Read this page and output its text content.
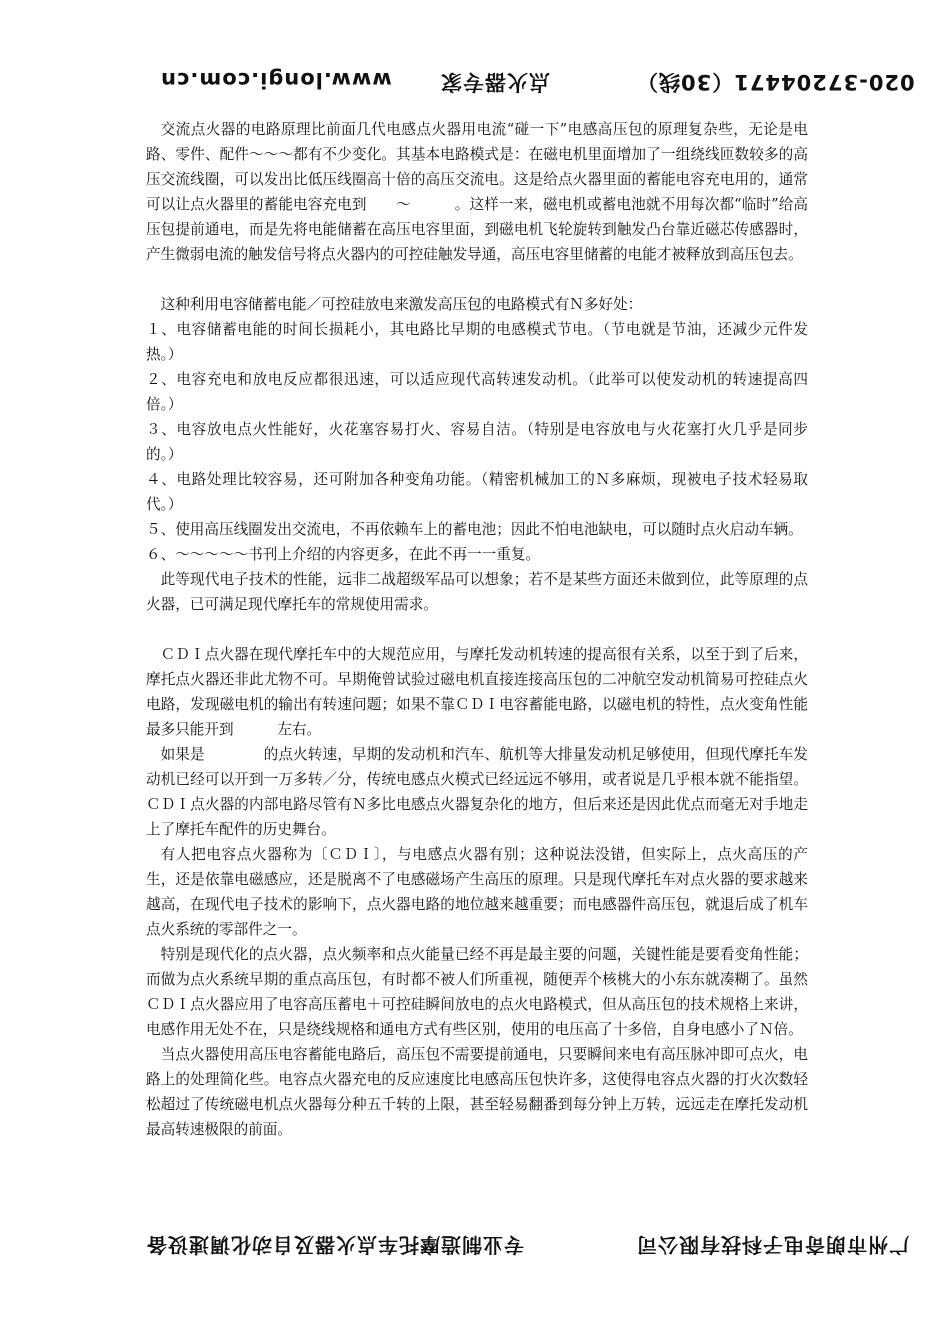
www.longi.com.cn 点火器专家	020-37204471（30线）

交流点火器的电路原理比前面几代电感点火器用电流“碰一下”电感高压包的原理复杂些，无论是电路、零件、配件～～～都有不少变化。其基本电路模式是：在磁电机里面增加了一组绕线匝数较多的高压交流线圈，可以发出比低压线圈高十倍的高压交流电。这是给点火器里面的蓄能电容充电用的，通常可以让点火器里的蓄能电容充电到　　～　　　。这样一来，磁电机或蓄电池就不用每次都“临时”给高压包提前通电，而是先将电能储蓄在高压电容里面，到磁电机飞轮旋转到触发凸台靠近磁芯传感器时，产生微弱电流的触发信号将点火器内的可控硅触发导通，高压电容里储蓄的电能才被释放到高压包去。

这种利用电容储蓄电能／可控硅放电来激发高压包的电路模式有Ｎ多好处：

１、电容储蓄电能的时间长损耗小，其电路比早期的电感模式节电。（节电就是节油，还减少元件发热。）

２、电容充电和放电反应都很迅速，可以适应现代高转速发动机。（此举可以使发动机的转速提高四倍。）

３、电容放电点火性能好，火花塞容易打火、容易自洁。（特别是电容放电与火花塞打火几乎是同步的。）

４、电路处理比较容易，还可附加各种变角功能。（精密机械加工的Ｎ多麻烦，现被电子技术轻易取代。）

５、使用高压线圈发出交流电，不再依赖车上的蓄电池；因此不怕电池缺电，可以随时点火启动车辆。

６、～～～～～书刊上介绍的内容更多，在此不再一一重复。

此等现代电子技术的性能，远非二战超级军品可以想象；若不是某些方面还未做到位，此等原理的点火器，已可满足现代摩托车的常规使用需求。

ＣＤＩ点火器在现代摩托车中的大规范应用，与摩托发动机转速的提高很有关系，以至于到了后来，摩托点火器还非此尤物不可。早期俺曾试验过磁电机直接连接高压包的二冲航空发动机简易可控硅点火电路，发现磁电机的输出有转速问题；如果不靠ＣＤＩ电容蓄能电路，以磁电机的特性，点火变角性能最多只能开到　　　左右。

如果是　　　　的点火转速，早期的发动机和汽车、航机等大排量发动机足够使用，但现代摩托车发动机已经可以开到一万多转／分，传统电感点火模式已经远远不够用，或者说是几乎根本就不能指望。ＣＤＩ点火器的内部电路尽管有Ｎ多比电感点火器复杂化的地方，但后来还是因此优点而毫无对手地走上了摩托车配件的历史舞台。

有人把电容点火器称为〔ＣＤＩ〕，与电感点火器有别；这种说法没错，但实际上，点火高压的产生，还是依靠电磁感应，还是脱离不了电感磁场产生高压的原理。只是现代摩托车对点火器的要求越来越高，在现代电子技术的影响下，点火器电路的地位越来越重要；而电感器件高压包，就退后成了机车点火系统的零部件之一。

特别是现代化的点火器，点火频率和点火能量已经不再是最主要的问题，关键性能是要看变角性能；而做为点火系统早期的重点高压包，有时都不被人们所重视，随便弄个核桃大的小东东就凑糊了。虽然ＣＤＩ点火器应用了电容高压蓄电＋可控硅瞬间放电的点火电路模式，但从高压包的技术规格上来讲，电感作用无处不在，只是绕线规格和通电方式有些区别，使用的电压高了十多倍，自身电感小了Ｎ倍。

当点火器使用高压电容蓄能电路后，高压包不需要提前通电，只要瞬间来电有高压脉冲即可点火，电路上的处理简化些。电容点火器充电的反应速度比电感高压包快许多，这使得电容点火器的打火次数轻松超过了传统磁电机点火器每分种五千转的上限，甚至轻易翻番到每分钟上万转，远远走在摩托发动机最高转速极限的前面。

专业制造摩托车点火器及自动化调速设备	广州市朗奇电子科技有限公司
